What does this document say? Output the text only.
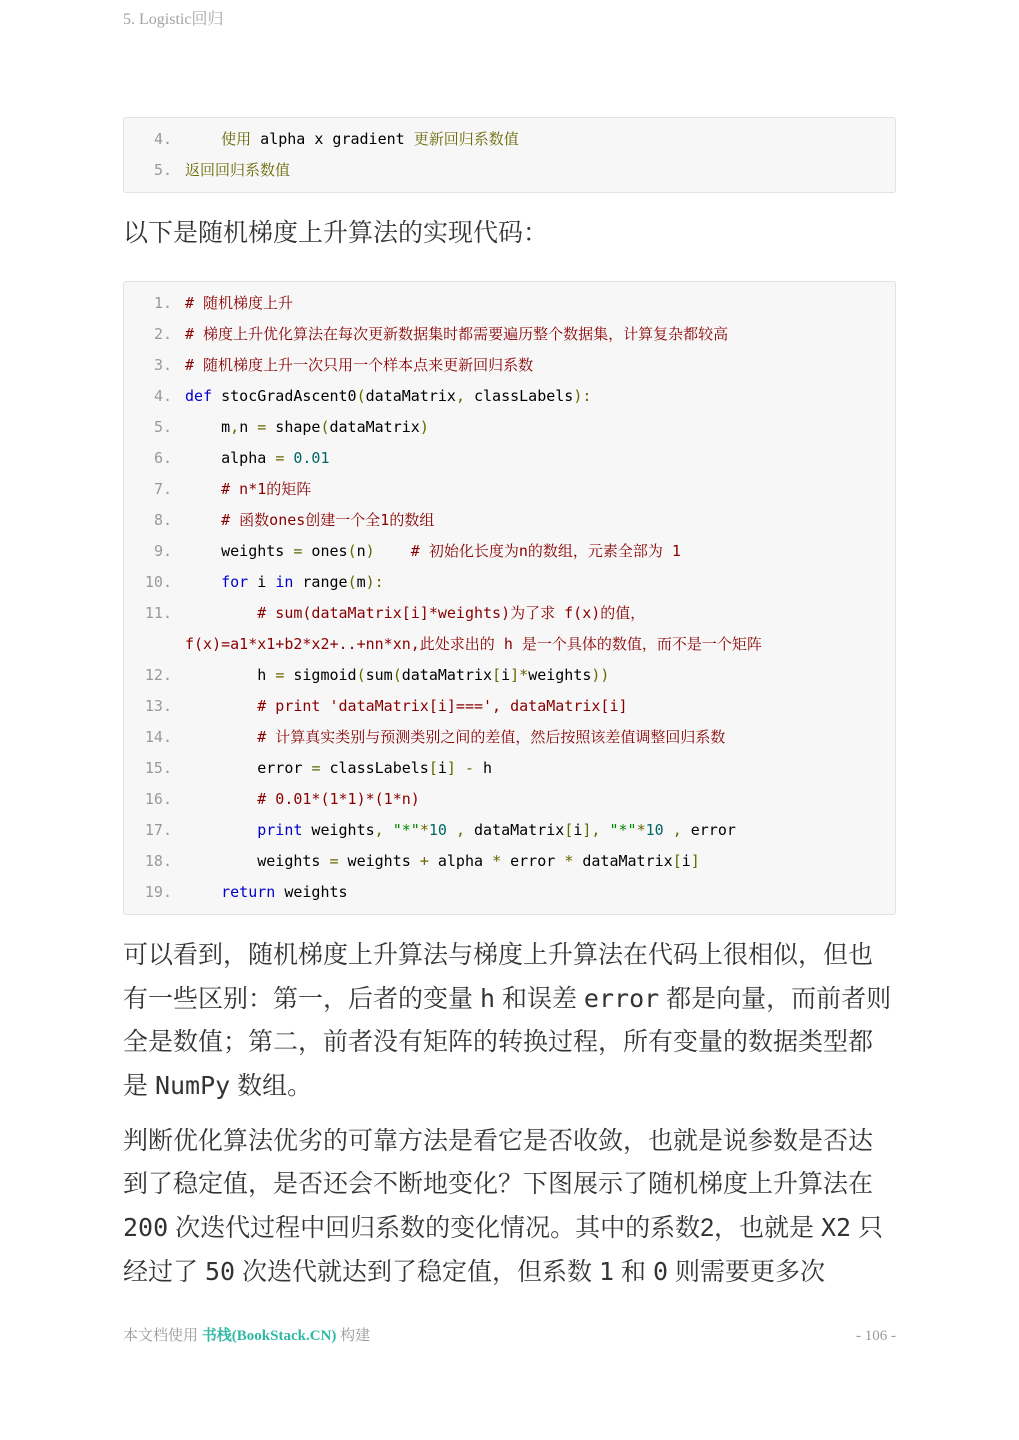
5. Logistic回归
4.	使用 alpha x gradient 更新回归系数值
5. 返回回归系数值

以下是随机梯度上升算法的实现代码：

1. # 随机梯度上升
2. # 梯度上升优化算法在每次更新数据集时都需要遍历整个数据集，计算复杂都较高
3. # 随机梯度上升一次只用一个样本点来更新回归系数
4. def stocGradAscent0(dataMatrix, classLabels):
5. m,n = shape(dataMatrix)
6. alpha = 0.01
7.	# n*1的矩阵
8.	# 函数ones创建一个全1的数组
9. weights = ones(n) # 初始化长度为n的数组，元素全部为 1
10.	for i in range(m):
11.	# sum(dataMatrix[i]*weights)为了求 f(x)的值，
f(x)=a1*x1+b2*x2+..+nn*xn,此处求出的 h 是一个具体的数值，而不是一个矩阵
12. h = sigmoid(sum(dataMatrix[i]*weights))
13.	# print 'dataMatrix[i]===', dataMatrix[i]
14.	# 计算真实类别与预测类别之间的差值，然后按照该差值调整回归系数
15. error = classLabels[i] - h
16.	# 0.01*(1*1)*(1*n)
17.	print weights, "*"*10 , dataMatrix[i], "*"*10 , error
18. weights = weights + alpha * error * dataMatrix[i]
19.	return weights

可以看到，随机梯度上升算法与梯度上升算法在代码上很相似，但也有一些区别：第一，后者的变量 h 和误差 error 都是向量，而前者则全是数值；第二，前者没有矩阵的转换过程，所有变量的数据类型都是 NumPy 数组。

判断优化算法优劣的可靠方法是看它是否收敛，也就是说参数是否达到了稳定值，是否还会不断地变化？下图展示了随机梯度上升算法在 200 次迭代过程中回归系数的变化情况。其中的系数2，也就是 X2 只经过了 50 次迭代就达到了稳定值，但系数 1 和 0 则需要更多次

本文档使用 书栈(BookStack.CN) 构建	- 106 -
